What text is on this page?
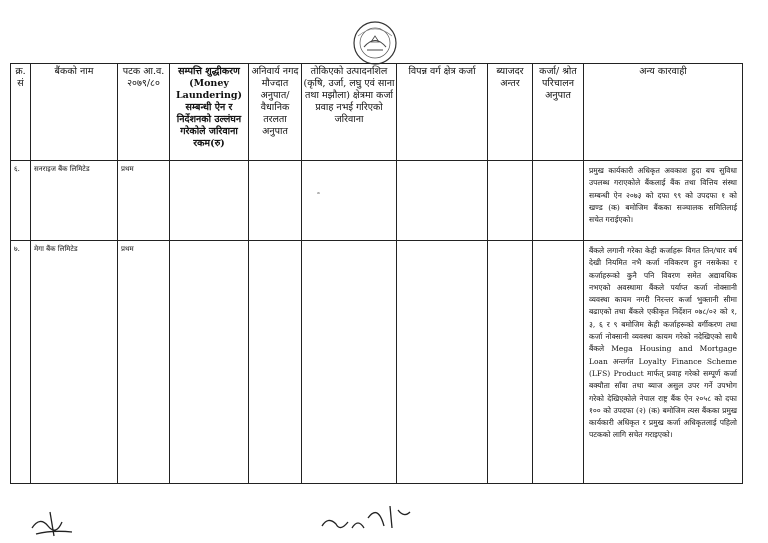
क्र. सं	बैंकको नाम	पटक आ.व. २०७९/८०	सम्पत्ति शुद्धीकरण (Money Laundering) सम्बन्धी ऐन र निर्देशनको उल्लंघन गरेकोले जरिवाना रकम(रु)	अनिवार्य नगद मौज्दात अनुपात/ वैधानिक तरलता अनुपात	तोकिएको उत्पादनशिल (कृषि, उर्जा, लघु एवं साना तथा मझौला) क्षेत्रमा कर्जा प्रवाह नभई गरिएको जरिवाना	विपन्न वर्ग क्षेत्र कर्जा	ब्याजदर अन्तर	कर्जा/ श्रोत परिचालन अनुपात	अन्य कारवाही
६.	सनराइज बैंक लिमिटेड	प्रथम							प्रमुख कार्यकारी अधिकृत अवकाश हुदा बच सुविधा उपलब्ध गराएकोले बैंकलाई बैंक तथा वित्तिय संस्था सम्बन्धी ऐन २०७३ को दफा ९९ को उपदफा १ को खण्ड (क) बमोजिम बैंकका सञ्चालक समितिलाई सचेत गराईएको।
७.	मेगा बैंक लिमिटेड	प्रथम							बैंकले लगानी गरेका केही कर्जाहरू विगत तिन/चार वर्ष देखी नियमित नभै कर्जा नविकरण हुन नसकेका र कर्जाहरूको कुनै पनि विवरण समेत अद्यावधिक नभएको अवस्थामा बैंकले पर्याप्त कर्जा नोक्सानी व्यवस्था कायम नगरी निरन्तर कर्जा भुक्तानी सीमा बढाएको तथा बैंकले एकीकृत निर्देशन ०७८/०२ को १, ३, ६ र ९ बमोजिम केही कर्जाहरूको वर्गीकरण तथा कर्जा नोक्सानी व्यवस्था कायम गरेको नदेखिएको साथै बैंकले Mega Housing and Mortgage Loan अन्तर्गत Loyalty Finance Scheme (LFS) Product मार्फत् प्रवाह गरेको सम्पूर्ण कर्जा बक्यौता साँवा तथा ब्याज असुल उपर गर्ने उपभोग गरेको देखिएकोले नेपाल राष्ट्र बैंक ऐन २०५८ को दफा १०० को उपदफा (२) (क) बमोजिम त्यस बैंकका प्रमुख कार्यकारी अधिकृत र प्रमुख कर्जा अधिकृतलाई पहिलो पटकको लागि सचेत गराइएको।
॰
